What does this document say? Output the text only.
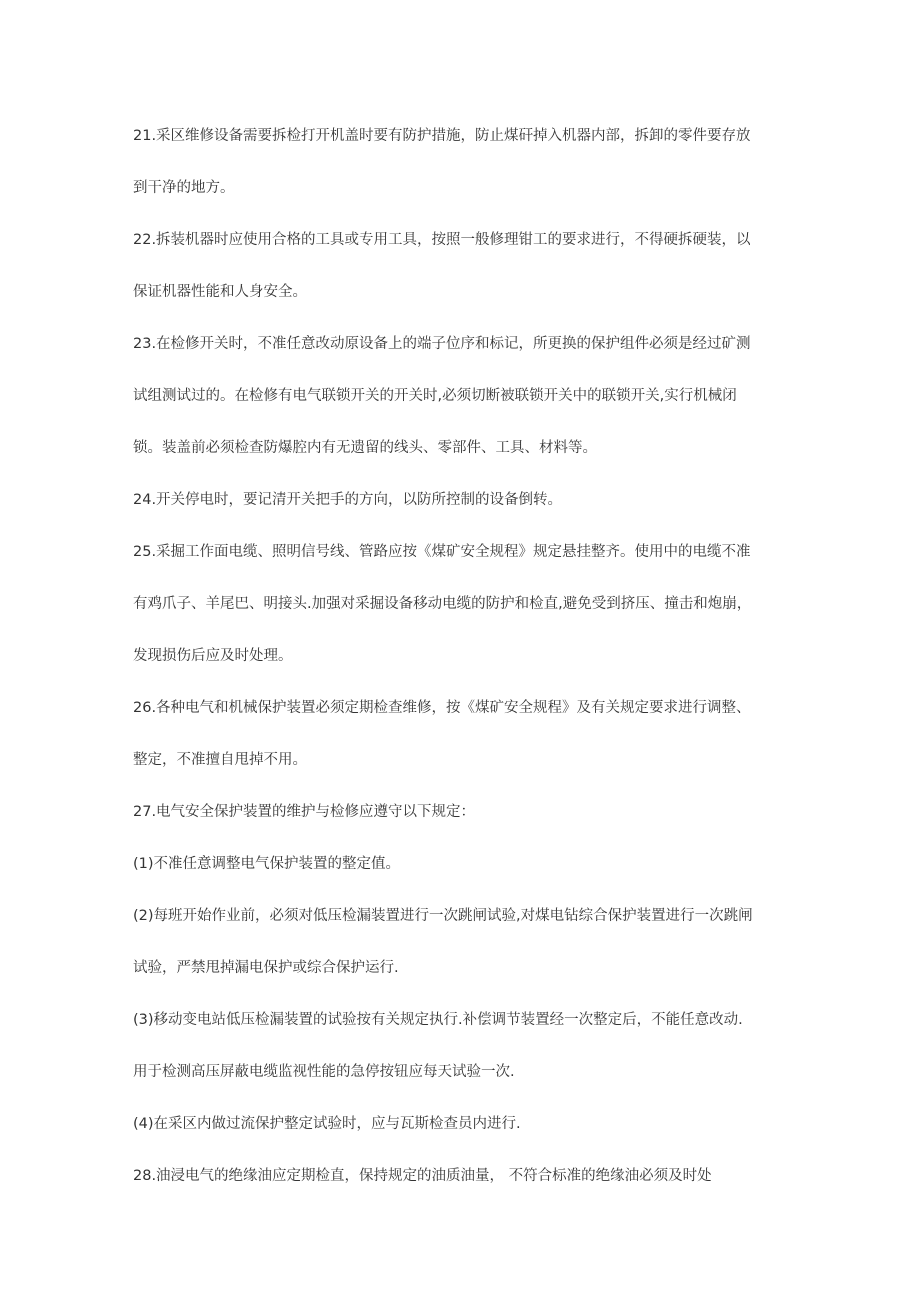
21.采区维修设备需要拆检打开机盖时要有防护措施，防止煤矸掉入机器内部，拆卸的零件要存放
到干净的地方。
22.拆装机器时应使用合格的工具或专用工具，按照一般修理钳工的要求进行，不得硬拆硬装，以
保证机器性能和人身安全。
23.在检修开关时，不准任意改动原设备上的端子位序和标记，所更换的保护组件必须是经过矿测
试组测试过的。在检修有电气联锁开关的开关时,必须切断被联锁开关中的联锁开关,实行机械闭
锁。装盖前必须检查防爆腔内有无遗留的线头、零部件、工具、材料等。
24.开关停电时，要记清开关把手的方向，以防所控制的设备倒转。
25.采掘工作面电缆、照明信号线、管路应按《煤矿安全规程》规定悬挂整齐。使用中的电缆不准
有鸡爪子、羊尾巴、明接头.加强对采掘设备移动电缆的防护和检直,避免受到挤压、撞击和炮崩，
发现损伤后应及时处理。
26.各种电气和机械保护装置必须定期检查维修，按《煤矿安全规程》及有关规定要求进行调整、
整定，不准擅自甩掉不用。
27.电气安全保护装置的维护与检修应遵守以下规定：
(1)不准任意调整电气保护装置的整定值。
(2)每班开始作业前，必须对低压检漏装置进行一次跳闸试验,对煤电钻综合保护装置进行一次跳闸
试验，严禁甩掉漏电保护或综合保护运行.
(3)移动变电站低压检漏装置的试验按有关规定执行.补偿调节装置经一次整定后，不能任意改动.
用于检测高压屏蔽电缆监视性能的急停按钮应每天试验一次.
(4)在采区内做过流保护整定试验时，应与瓦斯检查员内进行.
28.油浸电气的绝缘油应定期检直，保持规定的油质油量， 不符合标准的绝缘油必须及时处
